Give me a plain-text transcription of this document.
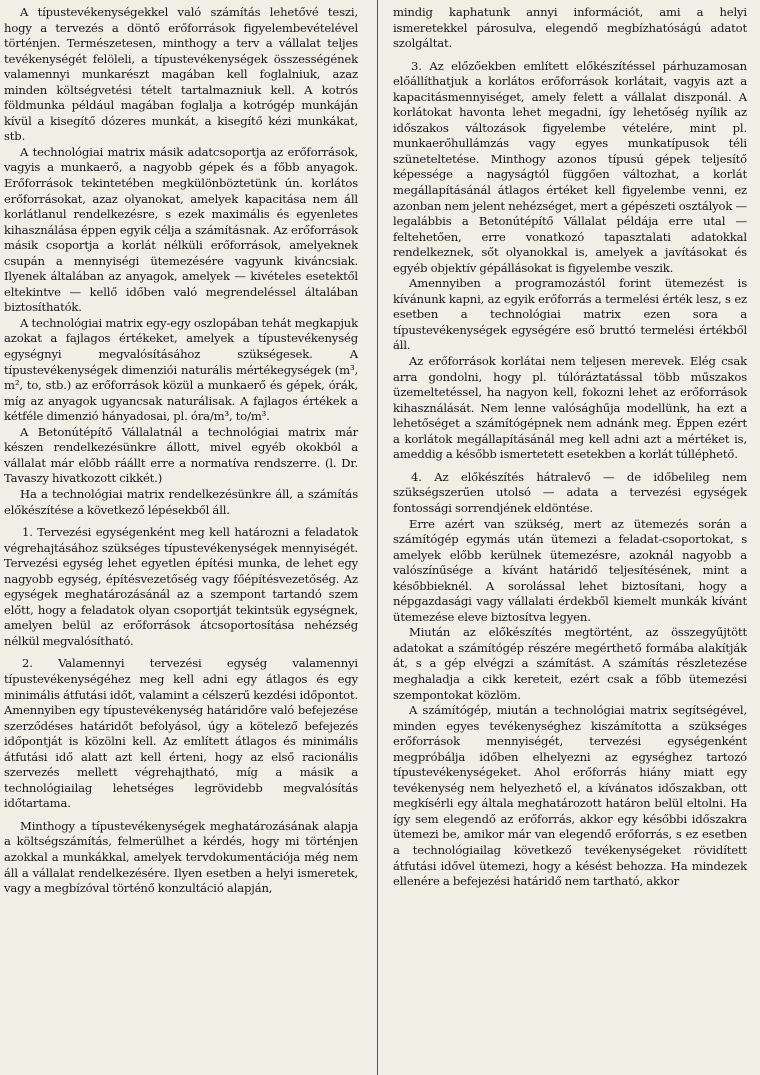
A típustevékenységekkel való számítás lehetővé teszi, hogy a tervezés a döntő erőforrások figyelembevételével történjen. Természetesen, minthogy a terv a vállalat teljes tevékenységét felöleli, a típustevékenységek összességének valamennyi munkarészt magában kell foglalniuk, azaz minden költségvetési tételt tartalmazniuk kell. A kotrós földmunka például magában foglalja a kotrógép munkáján kívül a kisegítő dózeres munkát, a kisegítő kézi munkákat, stb.

A technológiai matrix másik adatcsoportja az erőforrások, vagyis a munkaerő, a nagyobb gépek és a főbb anyagok. Erőforrások tekintetében megkülönböztetünk ún. korlátos erőforrásokat, azaz olyanokat, amelyek kapacitása nem áll korlátlanul rendelkezésre, s ezek maximális és egyenletes kihasználása éppen egyik célja a számításnak. Az erőforrások másik csoportja a korlát nélküli erőforrások, amelyeknek csupán a mennyiségi ütemezésére vagyunk kiváncsiak. Ilyenek általában az anyagok, amelyek — kivételes esetektől eltekintve — kellő időben való megrendeléssel általában biztosíthatók.

A technológiai matrix egy-egy oszlopában tehát megkapjuk azokat a fajlagos értékeket, amelyek a típustevékenység egységnyi megvalósításához szükségesek. A típustevékenységek dimenziói naturális mértékegységek (m³, m², to, stb.) az erőforrások közül a munkaerő és gépek, órák, míg az anyagok ugyancsak naturálisak. A fajlagos értékek a kétféle dimenzió hányadosai, pl. óra/m³, to/m³.

A Betonútépítő Vállalatnál a technológiai matrix már készen rendelkezésünkre állott, mivel egyéb okokból a vállalat már előbb ráállt erre a normatíva rendszerre. (l. Dr. Tavaszy hivatkozott cikkét.)

Ha a technológiai matrix rendelkezésünkre áll, a számítás előkészítése a következő lépésekből áll.

1. Tervezési egységenként meg kell határozni a feladatok végrehajtásához szükséges típustevékenységek mennyiségét. Tervezési egység lehet egyetlen építési munka, de lehet egy nagyobb egység, építésvezetőség vagy főépítésvezetőség. Az egységek meghatározásánál az a szempont tartandó szem előtt, hogy a feladatok olyan csoportját tekintsük egységnek, amelyen belül az erőforrások átcsoportosítása nehézség nélkül megvalósítható.

2. Valamennyi tervezési egység valamennyi típustevékenységéhez meg kell adni egy átlagos és egy minimális átfutási időt, valamint a célszerű kezdési időpontot. Amennyiben egy típustevékenység határidőre való befejezése szerződéses határidőt befolyásol, úgy a kötelező befejezés időpontját is közölni kell. Az említett átlagos és minimális átfutási idő alatt azt kell érteni, hogy az első racionális szervezés mellett végrehajtható, míg a másik a technológiailag lehetséges legrövidebb megvalósítás időtartama.

Minthogy a típustevékenységek meghatározásának alapja a költségszámítás, felmerülhet a kérdés, hogy mi történjen azokkal a munkákkal, amelyek tervdokumentációja még nem áll a vállalat rendelkezésére. Ilyen esetben a helyi ismeretek, vagy a megbízóval történő konzultáció alapján,

mindig kaphatunk annyi információt, ami a helyi ismeretekkel párosulva, elegendő megbízhatóságú adatot szolgáltat.

3. Az előzőekben említett előkészítéssel párhuzamosan előállíthatjuk a korlátos erőforrások korlátait, vagyis azt a kapacitásmennyiséget, amely felett a vállalat diszponál. A korlátokat havonta lehet megadni, így lehetőség nyílik az időszakos változások figyelembe vételére, mint pl. munkaerőhullámzás vagy egyes munkatípusok téli szüneteltetése. Minthogy azonos típusú gépek teljesítő képessége a nagyságtól függően változhat, a korlát megállapításánál átlagos értéket kell figyelembe venni, ez azonban nem jelent nehézséget, mert a gépészeti osztályok — legalábbis a Betonútépítő Vállalat példája erre utal — feltehetően, erre vonatkozó tapasztalati adatokkal rendelkeznek, sőt olyanokkal is, amelyek a javításokat és egyéb objektív gépállásokat is figyelembe veszik.

Amennyiben a programozástól forint ütemezést is kívánunk kapni, az egyik erőforrás a termelési érték lesz, s ez esetben a technológiai matrix ezen sora a típustevékenységek egységére eső bruttó termelési értékből áll.

Az erőforrások korlátai nem teljesen merevek. Elég csak arra gondolni, hogy pl. túlóráztatással több műszakos üzemeltetéssel, ha nagyon kell, fokozni lehet az erőforrások kihasználását. Nem lenne valósághűja modellünk, ha ezt a lehetőséget a számítógépnek nem adnánk meg. Éppen ezért a korlátok megállapításánál meg kell adni azt a mértéket is, ameddig a később ismertetett esetekben a korlát túlléphető.

4. Az előkészítés hátralevő — de időbelileg nem szükségszerűen utolsó — adata a tervezési egységek fontossági sorrendjének eldöntése.

Erre azért van szükség, mert az ütemezés során a számítógép egymás után ütemezi a feladat-csoportokat, s amelyek előbb kerülnek ütemezésre, azoknál nagyobb a valószínűsége a kívánt határidő teljesítésének, mint a későbbieknél. A sorolással lehet biztosítani, hogy a népgazdasági vagy vállalati érdekből kiemelt munkák kívánt ütemezése eleve biztosítva legyen.

Miután az előkészítés megtörtént, az összegyűjtött adatokat a számítógép részére megérthető formába alakítják át, s a gép elvégzi a számítást. A számítás részletezése meghaladja a cikk kereteit, ezért csak a főbb ütemezési szempontokat közlöm.

A számítógép, miután a technológiai matrix segítségével, minden egyes tevékenységhez kiszámította a szükséges erőforrások mennyiségét, tervezési egységenként megpróbálja időben elhelyezni az egységhez tartozó típustevékenységeket. Ahol erőforrás hiány miatt egy tevékenység nem helyezhető el, a kívánatos időszakban, ott megkísérli egy általa meghatározott határon belül eltolni. Ha így sem elegendő az erőforrás, akkor egy későbbi időszakra ütemezi be, amikor már van elegendő erőforrás, s ez esetben a technológiailag következő tevékenységeket rövidített átfutási idővel ütemezi, hogy a késést behozza. Ha mindezek ellenére a befejezési határidő nem tartható, akkor
